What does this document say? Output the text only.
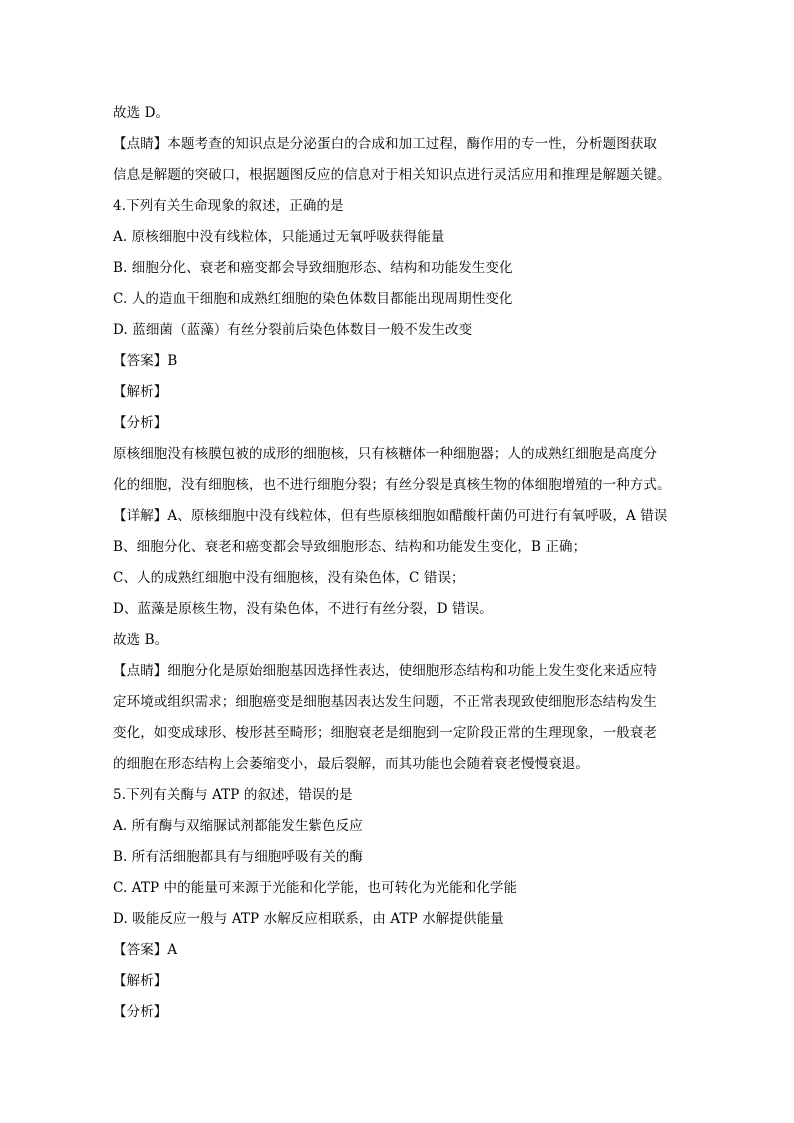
故选 D。
【点睛】本题考查的知识点是分泌蛋白的合成和加工过程，酶作用的专一性，分析题图获取
信息是解题的突破口，根据题图反应的信息对于相关知识点进行灵活应用和推理是解题关键。
4.下列有关生命现象的叙述，正确的是
A. 原核细胞中没有线粒体，只能通过无氧呼吸获得能量
B. 细胞分化、衰老和癌变都会导致细胞形态、结构和功能发生变化
C. 人的造血干细胞和成熟红细胞的染色体数目都能出现周期性变化
D. 蓝细菌（蓝藻）有丝分裂前后染色体数目一般不发生改变
【答案】B
【解析】
【分析】
原核细胞没有核膜包被的成形的细胞核，只有核糖体一种细胞器；人的成熟红细胞是高度分
化的细胞，没有细胞核，也不进行细胞分裂；有丝分裂是真核生物的体细胞增殖的一种方式。
【详解】A、原核细胞中没有线粒体，但有些原核细胞如醋酸杆菌仍可进行有氧呼吸，A 错误
B、细胞分化、衰老和癌变都会导致细胞形态、结构和功能发生变化，B 正确；
C、人的成熟红细胞中没有细胞核，没有染色体，C 错误；
D、蓝藻是原核生物，没有染色体，不进行有丝分裂，D 错误。
故选 B。
【点睛】细胞分化是原始细胞基因选择性表达，使细胞形态结构和功能上发生变化来适应特
定环境或组织需求；细胞癌变是细胞基因表达发生问题，不正常表现致使细胞形态结构发生
变化，如变成球形、梭形甚至畸形；细胞衰老是细胞到一定阶段正常的生理现象，一般衰老
的细胞在形态结构上会萎缩变小，最后裂解，而其功能也会随着衰老慢慢衰退。
5.下列有关酶与 ATP 的叙述，错误的是
A. 所有酶与双缩脲试剂都能发生紫色反应
B. 所有活细胞都具有与细胞呼吸有关的酶
C. ATP 中的能量可来源于光能和化学能，也可转化为光能和化学能
D. 吸能反应一般与 ATP 水解反应相联系，由 ATP 水解提供能量
【答案】A
【解析】
【分析】
